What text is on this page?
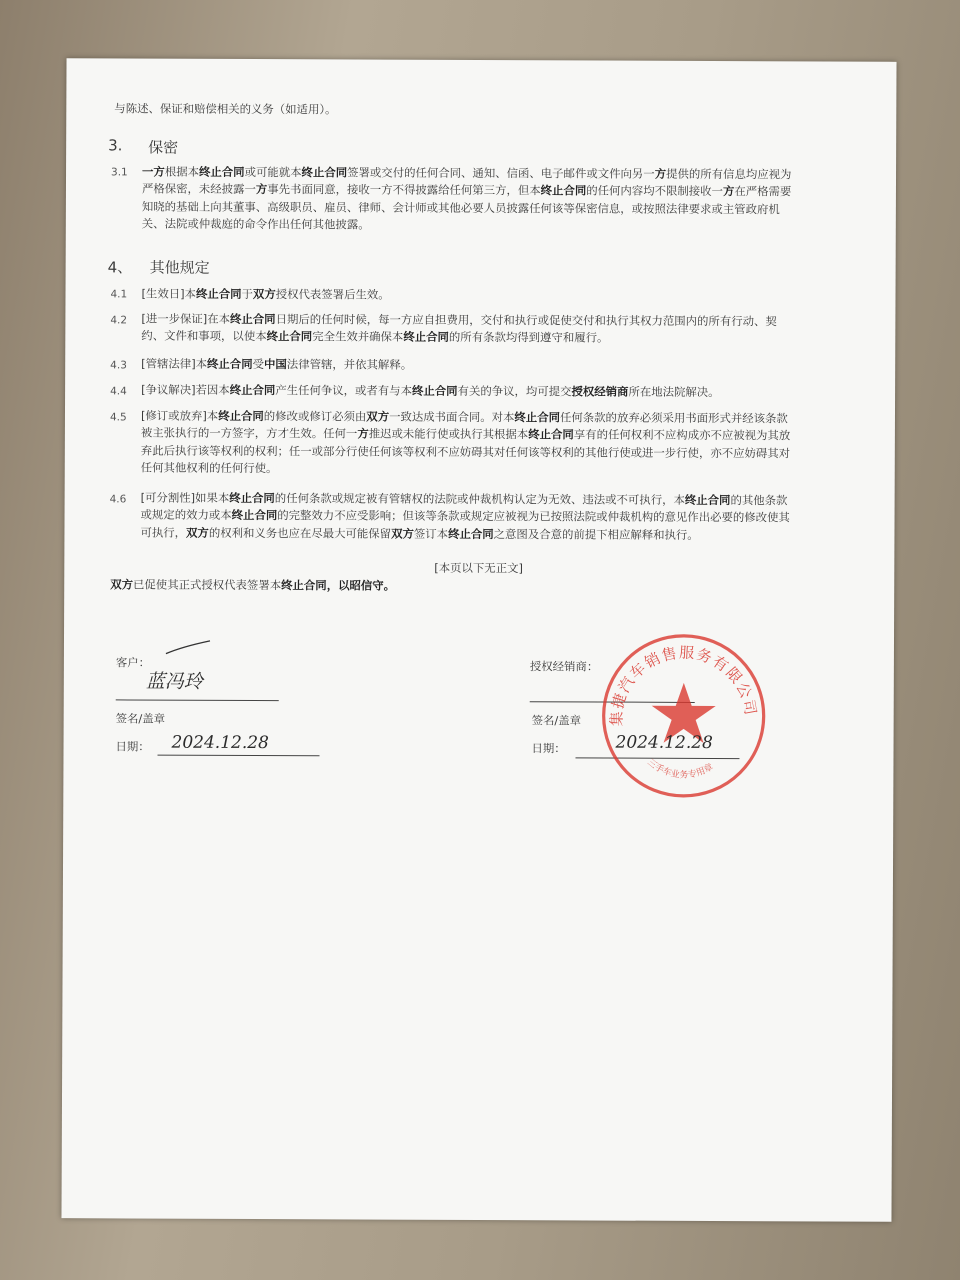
与陈述、保证和赔偿相关的义务（如适用）。
3. 保密
3.1 一方根据本终止合同或可能就本终止合同签署或交付的任何合同、通知、信函、电子邮件或文件向另一方提供的所有信息均应视为
严格保密，未经披露一方事先书面同意，接收一方不得披露给任何第三方，但本终止合同的任何内容均不限制接收一方在严格需要
知晓的基础上向其董事、高级职员、雇员、律师、会计师或其他必要人员披露任何该等保密信息，或按照法律要求或主管政府机
关、法院或仲裁庭的命令作出任何其他披露。
4、 其他规定
4.1 [生效日]本终止合同于双方授权代表签署后生效。
4.2 [进一步保证]在本终止合同日期后的任何时候，每一方应自担费用，交付和执行或促使交付和执行其权力范围内的所有行动、契
约、文件和事项，以使本终止合同完全生效并确保本终止合同的所有条款均得到遵守和履行。
4.3 [管辖法律]本终止合同受中国法律管辖，并依其解释。
4.4 [争议解决]若因本终止合同产生任何争议，或者有与本终止合同有关的争议，均可提交授权经销商所在地法院解决。
4.5 [修订或放弃]本终止合同的修改或修订必须由双方一致达成书面合同。对本终止合同任何条款的放弃必须采用书面形式并经该条款
被主张执行的一方签字，方才生效。任何一方推迟或未能行使或执行其根据本终止合同享有的任何权利不应构成亦不应被视为其放
弃此后执行该等权利的权利；任一或部分行使任何该等权利不应妨碍其对任何该等权利的其他行使或进一步行使，亦不应妨碍其对
任何其他权利的任何行使。
4.6 [可分割性]如果本终止合同的任何条款或规定被有管辖权的法院或仲裁机构认定为无效、违法或不可执行，本终止合同的其他条款
或规定的效力或本终止合同的完整效力不应受影响；但该等条款或规定应被视为已按照法院或仲裁机构的意见作出必要的修改使其
可执行，双方的权利和义务也应在尽最大可能保留双方签订本终止合同之意图及合意的前提下相应解释和执行。
[本页以下无正文]
双方已促使其正式授权代表签署本终止合同，以昭信守。
客户：
蓝冯玲
签名/盖章
日期： 2024.12.28
授权经销商：
签名/盖章
日期：
集捷汽车销售服务有限公司
三手车业务专用章
2024.12.28
